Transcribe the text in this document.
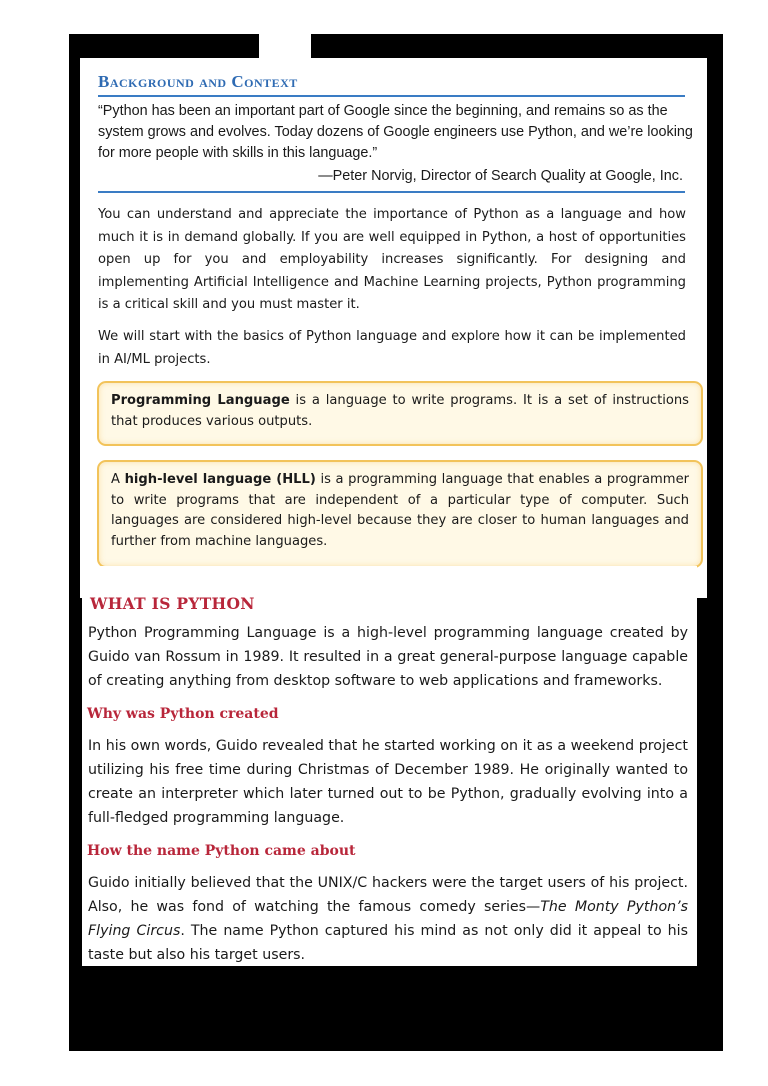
Background and Context

“Python has been an important part of Google since the beginning, and remains so as the system grows and evolves. Today dozens of Google engineers use Python, and we’re looking for more people with skills in this language.”

—Peter Norvig, Director of Search Quality at Google, Inc.

You can understand and appreciate the importance of Python as a language and how much it is in demand globally. If you are well equipped in Python, a host of opportunities open up for you and employability increases significantly. For designing and implementing Artificial Intelligence and Machine Learning projects, Python programming is a critical skill and you must master it.

We will start with the basics of Python language and explore how it can be implemented in AI/ML projects.

Programming Language is a language to write programs. It is a set of instructions that produces various outputs.
A high-level language (HLL) is a programming language that enables a programmer to write programs that are independent of a particular type of computer. Such languages are considered high-level because they are closer to human languages and further from machine languages.
WHAT IS PYTHON

Python Programming Language is a high-level programming language created by Guido van Rossum in 1989. It resulted in a great general-purpose language capable of creating anything from desktop software to web applications and frameworks.

Why was Python created

In his own words, Guido revealed that he started working on it as a weekend project utilizing his free time during Christmas of December 1989. He originally wanted to create an interpreter which later turned out to be Python, gradually evolving into a full-fledged programming language.

How the name Python came about

Guido initially believed that the UNIX/C hackers were the target users of his project. Also, he was fond of watching the famous comedy series—The Monty Python’s Flying Circus. The name Python captured his mind as not only did it appeal to his taste but also his target users.
